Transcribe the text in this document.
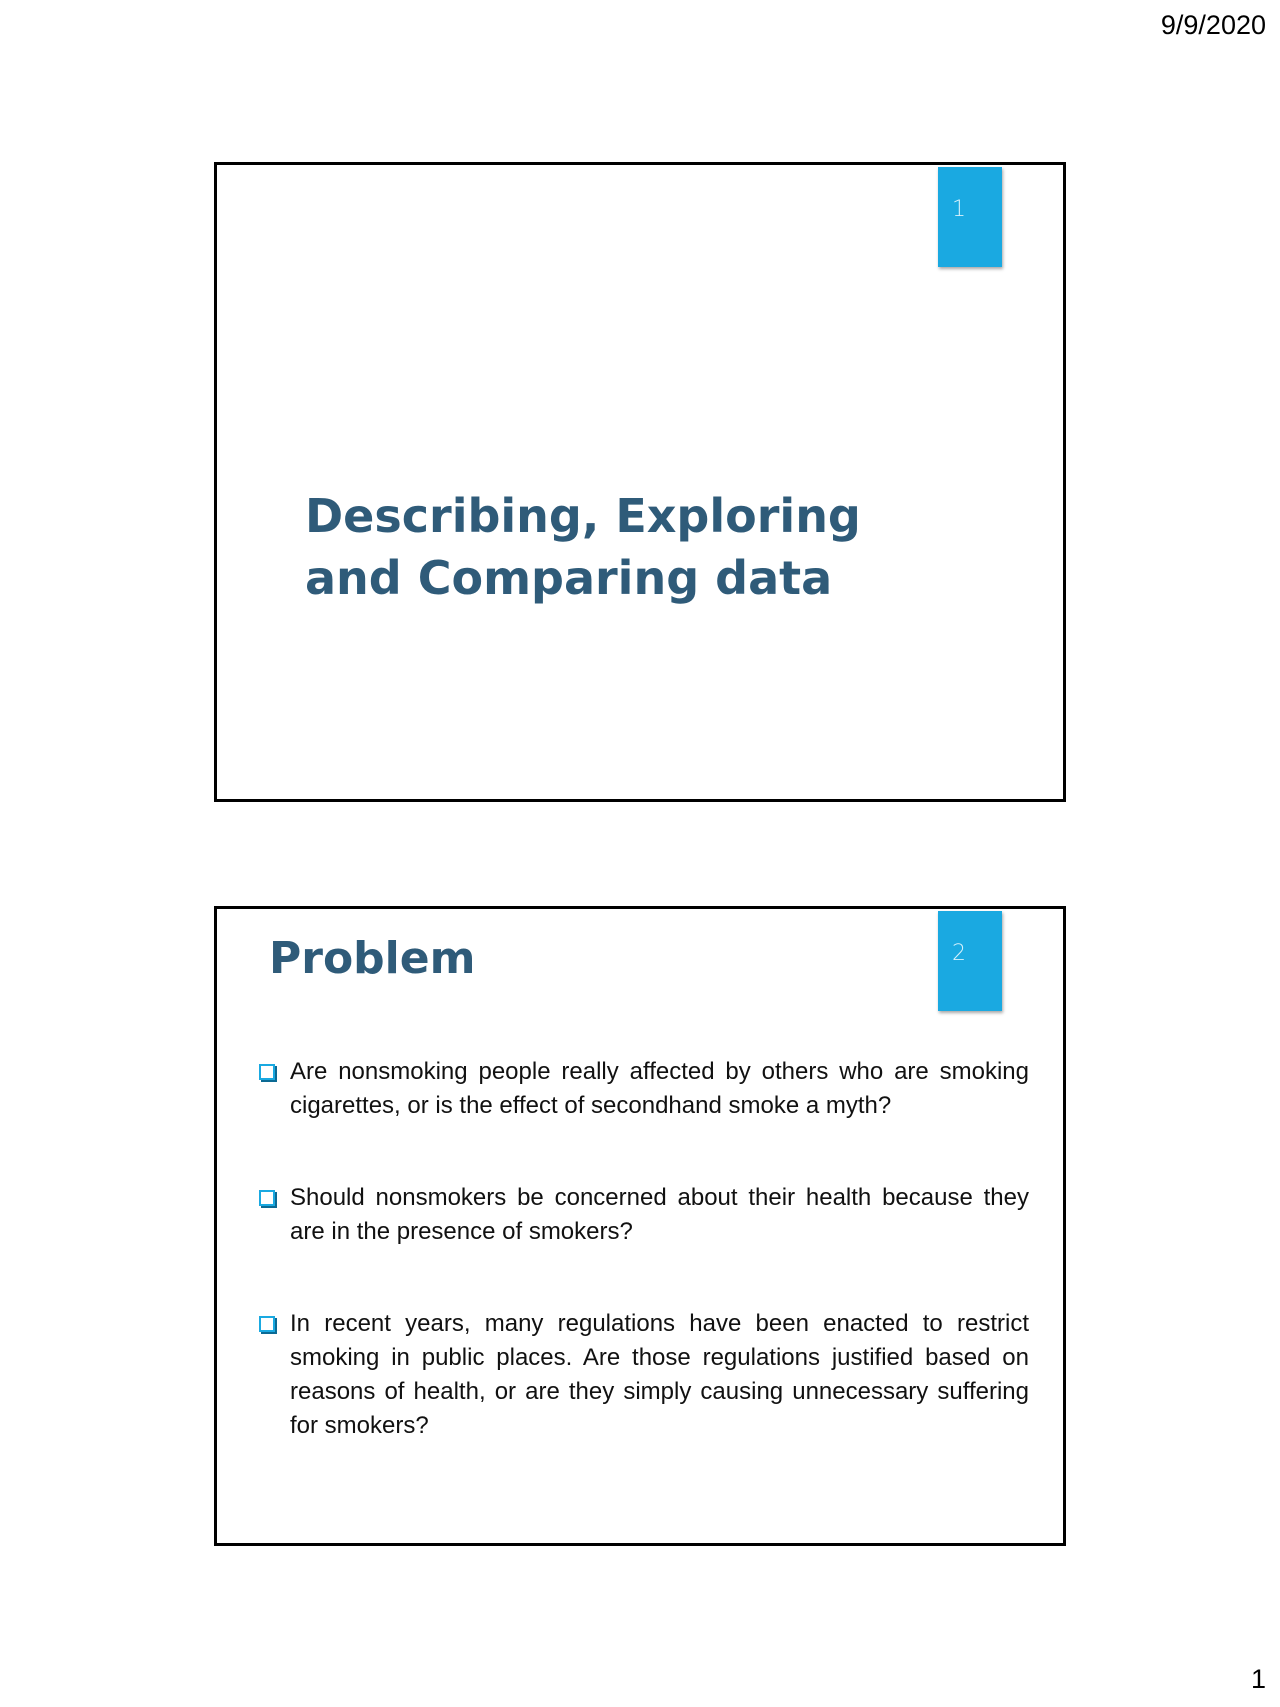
9/9/2020
1
Describing, Exploring
and Comparing data
2
Problem
Are nonsmoking people really affected by others who are smoking cigarettes, or is the effect of secondhand smoke a myth?
Should nonsmokers be concerned about their health because they are in the presence of smokers?
In recent years, many regulations have been enacted to restrict smoking in public places. Are those regulations justified based on reasons of health, or are they simply causing unnecessary suffering for smokers?
1
